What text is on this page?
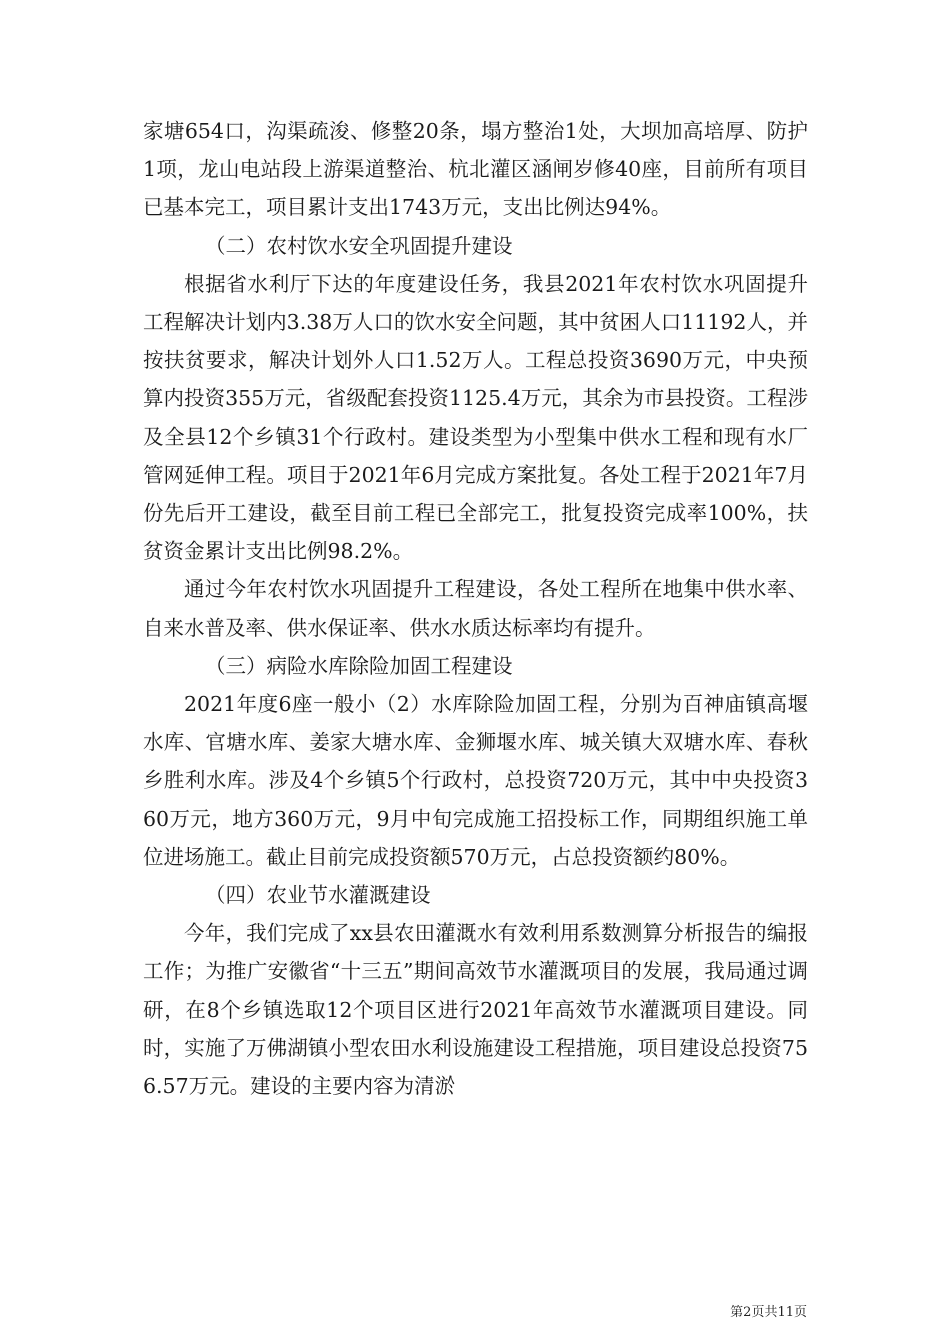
家塘654口，沟渠疏浚、修整20条，塌方整治1处，大坝加高培厚、防护1项，龙山电站段上游渠道整治、杭北灌区涵闸岁修40座，目前所有项目已基本完工，项目累计支出1743万元，支出比例达94%。

（二）农村饮水安全巩固提升建设

根据省水利厅下达的年度建设任务，我县2021年农村饮水巩固提升工程解决计划内3.38万人口的饮水安全问题，其中贫困人口11192人，并按扶贫要求，解决计划外人口1.52万人。工程总投资3690万元，中央预算内投资355万元，省级配套投资1125.4万元，其余为市县投资。工程涉及全县12个乡镇31个行政村。建设类型为小型集中供水工程和现有水厂管网延伸工程。项目于2021年6月完成方案批复。各处工程于2021年7月份先后开工建设，截至目前工程已全部完工，批复投资完成率100%，扶贫资金累计支出比例98.2%。

通过今年农村饮水巩固提升工程建设，各处工程所在地集中供水率、自来水普及率、供水保证率、供水水质达标率均有提升。

（三）病险水库除险加固工程建设

2021年度6座一般小（2）水库除险加固工程，分别为百神庙镇高堰水库、官塘水库、姜家大塘水库、金狮堰水库、城关镇大双塘水库、春秋乡胜利水库。涉及4个乡镇5个行政村，总投资720万元，其中中央投资360万元，地方360万元，9月中旬完成施工招投标工作，同期组织施工单位进场施工。截止目前完成投资额570万元，占总投资额约80%。

（四）农业节水灌溉建设

今年，我们完成了xx县农田灌溉水有效利用系数测算分析报告的编报工作；为推广安徽省“十三五”期间高效节水灌溉项目的发展，我局通过调研，在8个乡镇选取12个项目区进行2021年高效节水灌溉项目建设。同时，实施了万佛湖镇小型农田水利设施建设工程措施，项目建设总投资756.57万元。建设的主要内容为清淤

第2页共11页
